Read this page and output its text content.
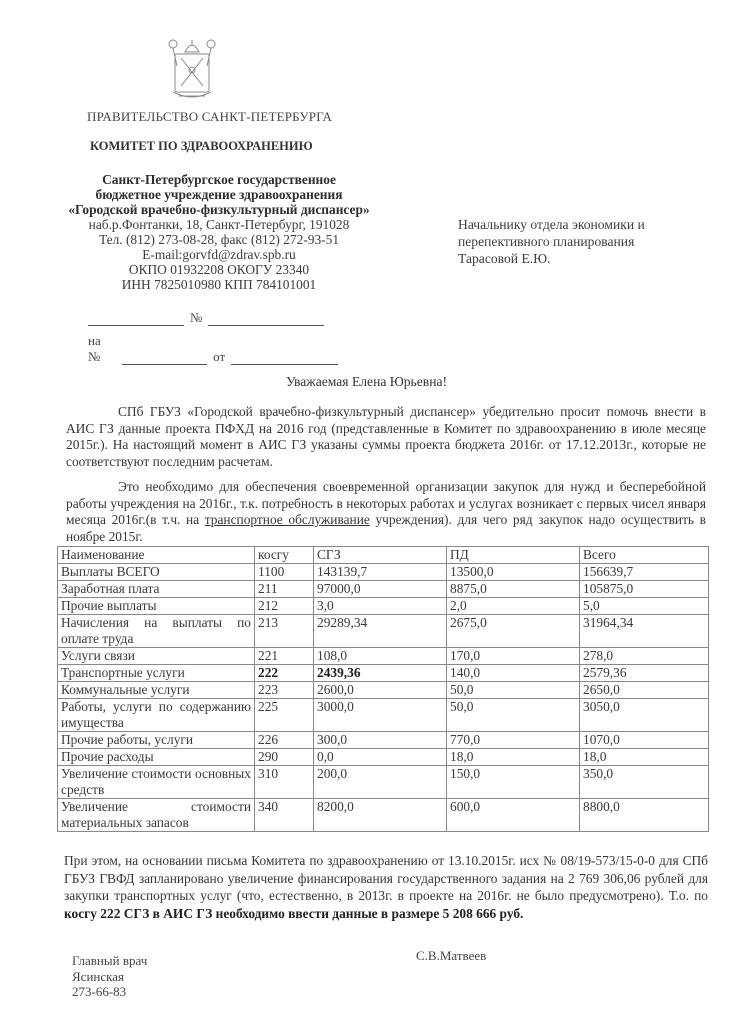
ПРАВИТЕЛЬСТВО САНКТ-ПЕТЕРБУРГА
КОМИТЕТ ПО ЗДРАВООХРАНЕНИЮ
Санкт-Петербургское государственное
бюджетное учреждение здравоохранения
«Городской врачебно-физкультурный диспансер»
наб.р.Фонтанки, 18, Санкт-Петербург, 191028
Тел. (812) 273-08-28, факс (812) 272-93-51
E-mail:gorvfd@zdrav.spb.ru
ОКПО 01932208 ОКОГУ 23340
ИНН 7825010980 КПП 784101001
№
на №	от
Начальнику отдела экономики и
перепективного планирования
Тарасовой Е.Ю.
Уважаемая Елена Юрьевна!
СПб ГБУЗ «Городской врачебно-физкультурный диспансер» убедительно просит помочь внести в АИС ГЗ данные проекта ПФХД на 2016 год (представленные в Комитет по здравоохранению в июле месяце 2015г.). На настоящий момент в АИС ГЗ указаны суммы проекта бюджета 2016г. от 17.12.2013г., которые не соответствуют последним расчетам.
Это необходимо для обеспечения своевременной организации закупок для нужд и бесперебойной работы учреждения на 2016г., т.к. потребность в некоторых работах и услугах возникает с первых чисел января месяца 2016г.(в т.ч. на транспортное обслуживание учреждения). для чего ряд закупок надо осуществить в ноябре 2015г.
Наименование	косгу	СГЗ	ПД	Всего
Выплаты ВСЕГО	1100	143139,7	13500,0	156639,7
Заработная плата	211	97000,0	8875,0	105875,0
Прочие выплаты	212	3,0	2,0	5,0
Начисления на выплаты по оплате труда	213	29289,34	2675,0	31964,34
Услуги связи	221	108,0	170,0	278,0
Транспортные услуги	222	2439,36	140,0	2579,36
Коммунальные услуги	223	2600,0	50,0	2650,0
Работы, услуги по содержанию имущества	225	3000,0	50,0	3050,0
Прочие работы, услуги	226	300,0	770,0	1070,0
Прочие расходы	290	0,0	18,0	18,0
Увеличение стоимости основных средств	310	200,0	150,0	350,0
Увеличение стоимости материальных запасов	340	8200,0	600,0	8800,0
При этом, на основании письма Комитета по здравоохранению от 13.10.2015г. исх № 08/19-573/15-0-0 для СПб ГБУЗ ГВФД запланировано увеличение финансирования государственного задания на 2 769 306,06 рублей для закупки транспортных услуг (что, естественно, в 2013г. в проекте на 2016г. не было предусмотрено). Т.о. по косгу 222 СГЗ в АИС ГЗ необходимо ввести данные в размере 5 208 666 руб.
Главный врач
Ясинская
273-66-83
С.В.Матвеев
